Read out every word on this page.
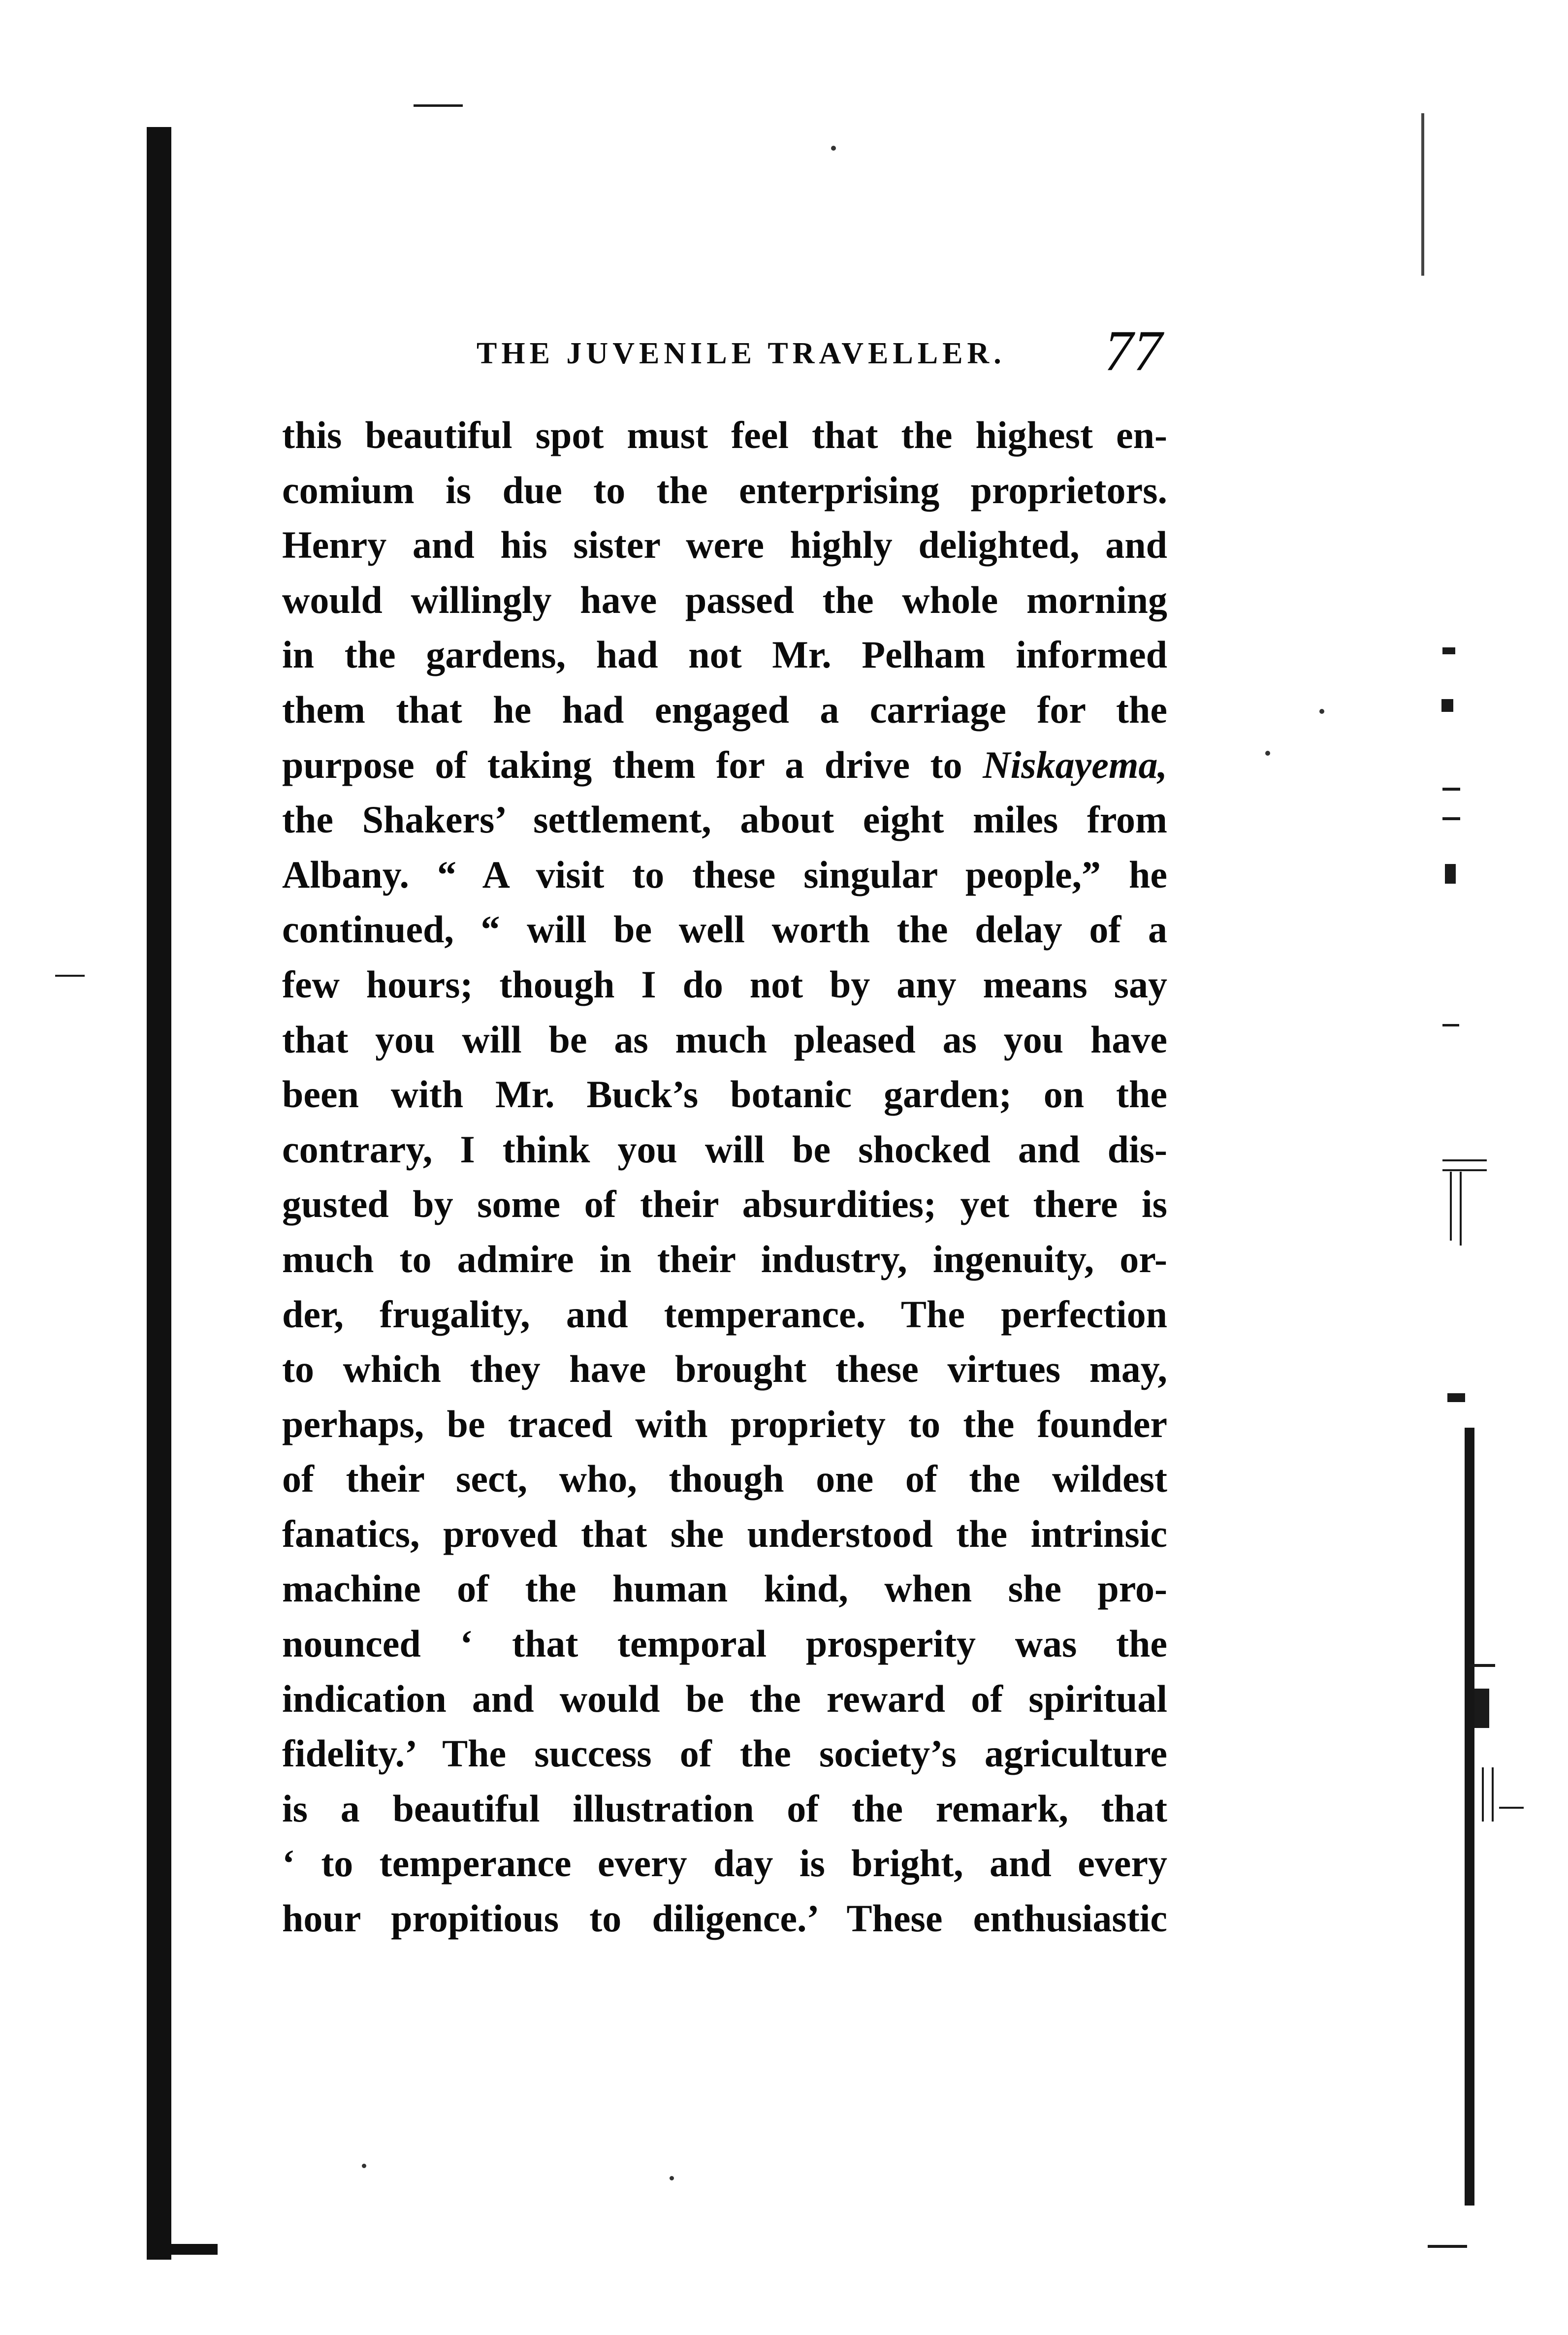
THE JUVENILE TRAVELLER. 77
this beautiful spot must feel that the highest en-
comium is due to the enterprising proprietors.
Henry and his sister were highly delighted, and
would willingly have passed the whole morning
in the gardens, had not Mr. Pelham informed
them that he had engaged a carriage for the
purpose of taking them for a drive to Niskayema,
the Shakers’ settlement, about eight miles from
Albany. “ A visit to these singular people,” he
continued, “ will be well worth the delay of a
few hours; though I do not by any means say
that you will be as much pleased as you have
been with Mr. Buck’s botanic garden; on the
contrary, I think you will be shocked and dis-
gusted by some of their absurdities; yet there is
much to admire in their industry, ingenuity, or-
der, frugality, and temperance. The perfection
to which they have brought these virtues may,
perhaps, be traced with propriety to the founder
of their sect, who, though one of the wildest
fanatics, proved that she understood the intrinsic
machine of the human kind, when she pro-
nounced ‘ that temporal prosperity was the
indication and would be the reward of spiritual
fidelity.’ The success of the society’s agriculture
is a beautiful illustration of the remark, that
‘ to temperance every day is bright, and every
hour propitious to diligence.’ These enthusiastic
